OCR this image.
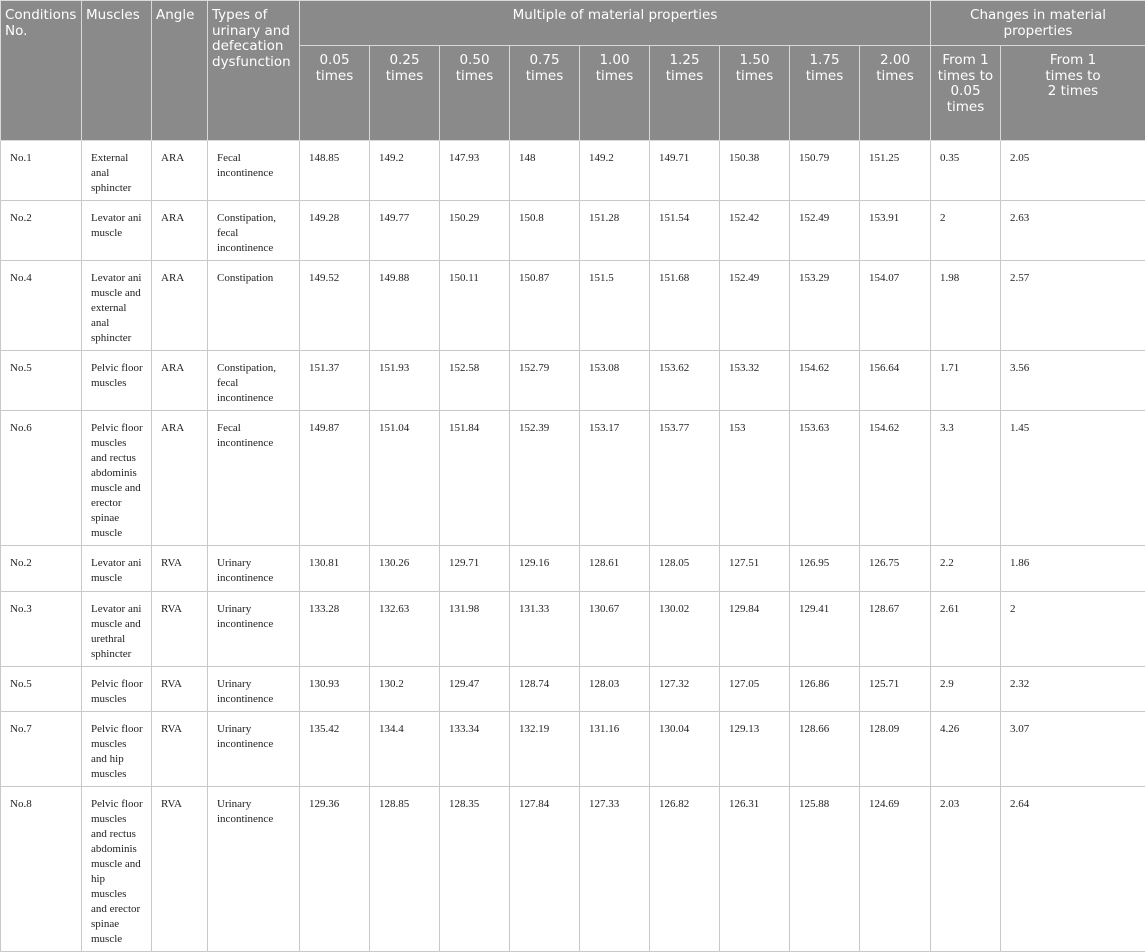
Conditions No.	Muscles	Angle	Types of urinary and defecation dysfunction	Multiple of material properties									Changes in material properties	
				0.05 times	0.25 times	0.50 times	0.75 times	1.00 times	1.25 times	1.50 times	1.75 times	2.00 times	From 1 times to 0.05 times	From 1 times to 2 times
No.1	External anal sphincter	ARA	Fecal incontinence	148.85	149.2	147.93	148	149.2	149.71	150.38	150.79	151.25	0.35	2.05
No.2	Levator ani muscle	ARA	Constipation, fecal incontinence	149.28	149.77	150.29	150.8	151.28	151.54	152.42	152.49	153.91	2	2.63
No.4	Levator ani muscle and external anal sphincter	ARA	Constipation	149.52	149.88	150.11	150.87	151.5	151.68	152.49	153.29	154.07	1.98	2.57
No.5	Pelvic floor muscles	ARA	Constipation, fecal incontinence	151.37	151.93	152.58	152.79	153.08	153.62	153.32	154.62	156.64	1.71	3.56
No.6	Pelvic floor muscles and rectus abdominis muscle and erector spinae muscle	ARA	Fecal incontinence	149.87	151.04	151.84	152.39	153.17	153.77	153	153.63	154.62	3.3	1.45
No.2	Levator ani muscle	RVA	Urinary incontinence	130.81	130.26	129.71	129.16	128.61	128.05	127.51	126.95	126.75	2.2	1.86
No.3	Levator ani muscle and urethral sphincter	RVA	Urinary incontinence	133.28	132.63	131.98	131.33	130.67	130.02	129.84	129.41	128.67	2.61	2
No.5	Pelvic floor muscles	RVA	Urinary incontinence	130.93	130.2	129.47	128.74	128.03	127.32	127.05	126.86	125.71	2.9	2.32
No.7	Pelvic floor muscles and hip muscles	RVA	Urinary incontinence	135.42	134.4	133.34	132.19	131.16	130.04	129.13	128.66	128.09	4.26	3.07
No.8	Pelvic floor muscles and rectus abdominis muscle and hip muscles and erector spinae muscle	RVA	Urinary incontinence	129.36	128.85	128.35	127.84	127.33	126.82	126.31	125.88	124.69	2.03	2.64
